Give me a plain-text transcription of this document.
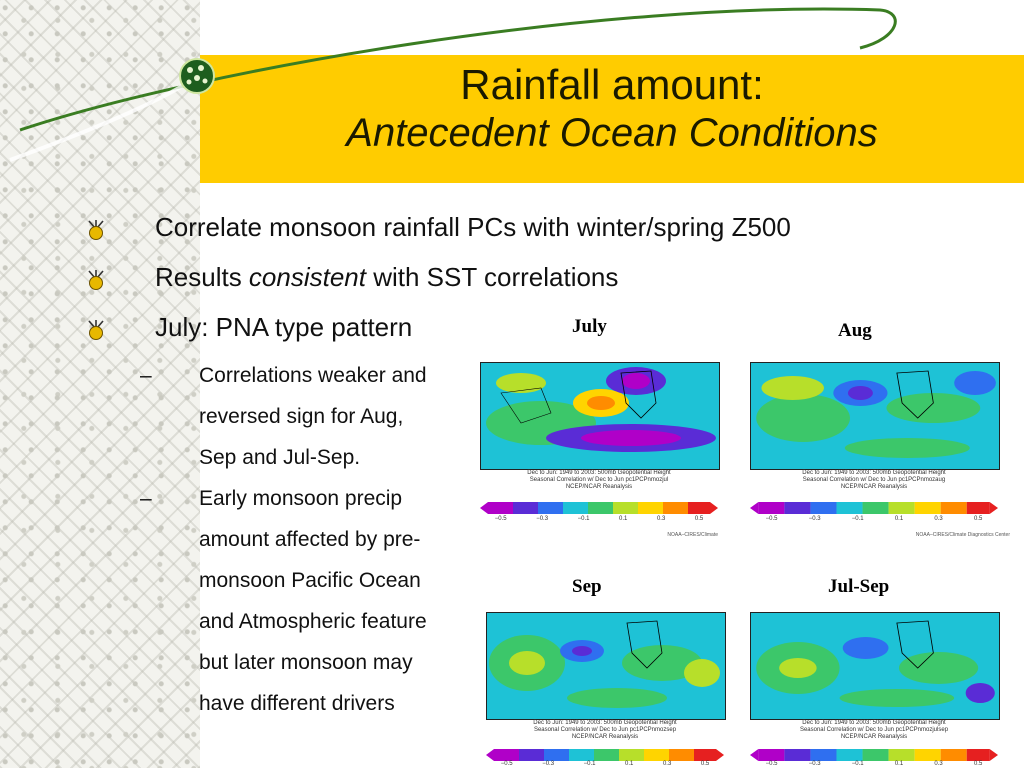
Rainfall amount:
Antecedent Ocean Conditions
Correlate monsoon rainfall PCs with winter/spring Z500
Results consistent with SST correlations
July: PNA type pattern
– Correlations weaker and
reversed sign for Aug,
Sep and Jul-Sep.
– Early monsoon precip
amount affected by pre-
monsoon Pacific Ocean
and Atmospheric feature
but later monsoon may
have different drivers
July	Aug
Sep	Jul-Sep
Dec to Jun: 1949 to 2003: 500mb Geopotential Height
Seasonal Correlation w/ Dec to Jun pc1PCPnmozjul
NCEP/NCAR Reanalysis
−0.5	−0.3	−0.1	0.1	0.3	0.5
NOAA–CIRES/Climate
Dec to Jun: 1949 to 2003: 500mb Geopotential Height
Seasonal Correlation w/ Dec to Jun pc1PCPnmozaug
NCEP/NCAR Reanalysis
−0.5	−0.3	−0.1	0.1	0.3	0.5
NOAA–CIRES/Climate Diagnostics Center
Dec to Jun: 1949 to 2003: 500mb Geopotential Height
Seasonal Correlation w/ Dec to Jun pc1PCPnmozsep
NCEP/NCAR Reanalysis
−0.5	−0.3	−0.1	0.1	0.3	0.5
Dec to Jun: 1949 to 2003: 500mb Geopotential Height
Seasonal Correlation w/ Dec to Jun pc1PCPnmozjulsep
NCEP/NCAR Reanalysis
−0.5	−0.3	−0.1	0.1	0.3	0.5
